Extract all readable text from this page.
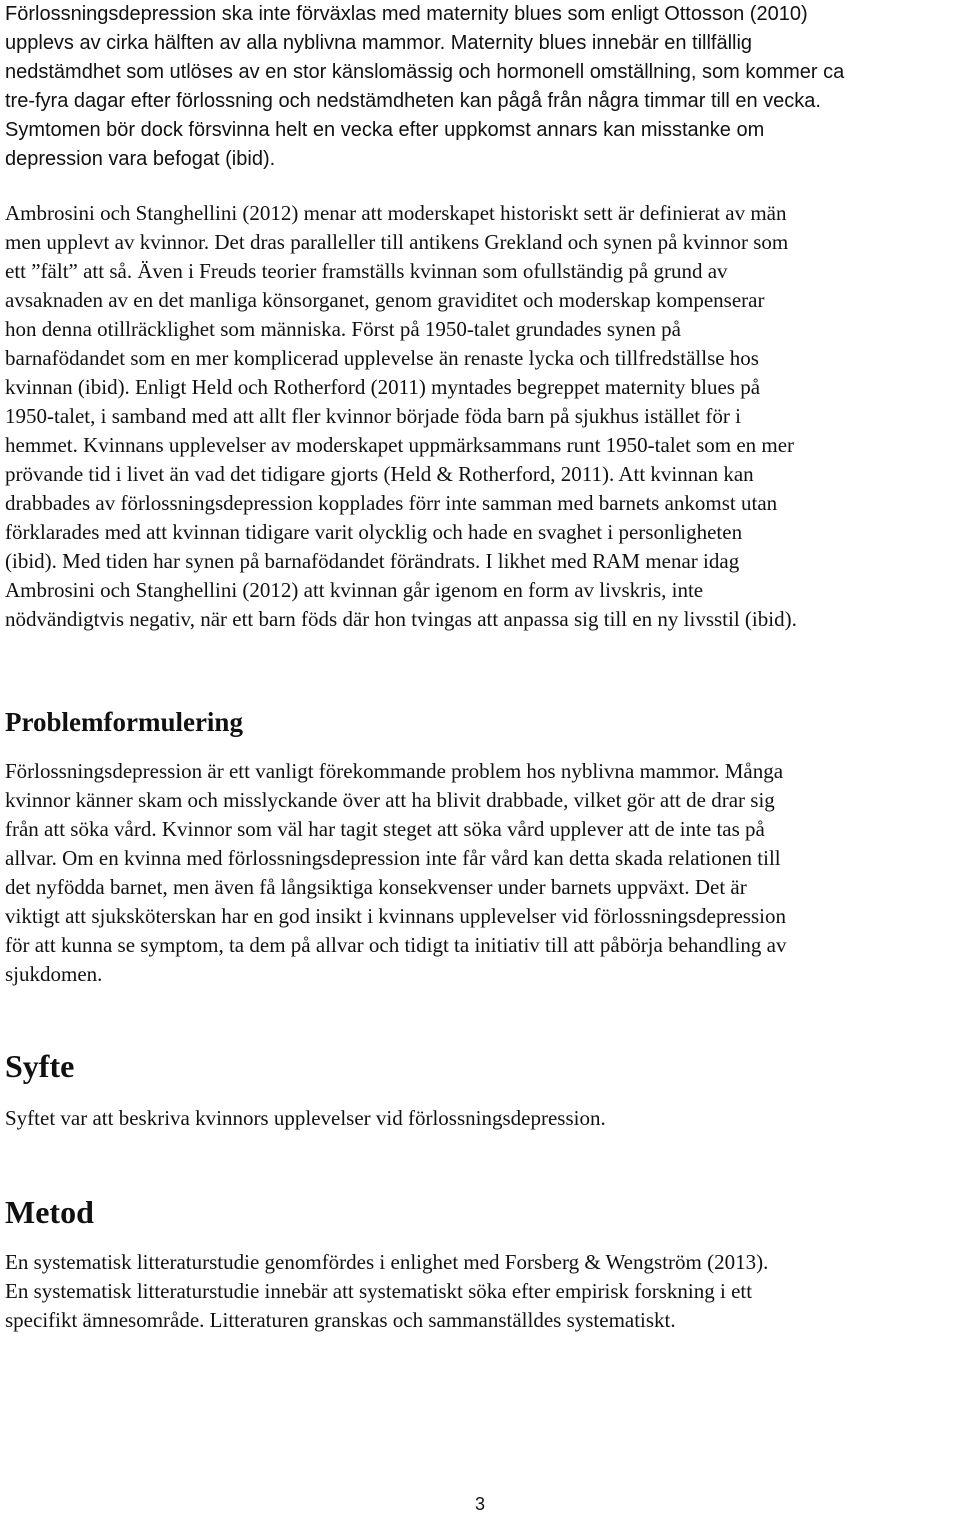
Förlossningsdepression ska inte förväxlas med maternity blues som enligt Ottosson (2010)
upplevs av cirka hälften av alla nyblivna mammor. Maternity blues innebär en tillfällig
nedstämdhet som utlöses av en stor känslomässig och hormonell omställning, som kommer ca
tre-fyra dagar efter förlossning och nedstämdheten kan pågå från några timmar till en vecka.
Symtomen bör dock försvinna helt en vecka efter uppkomst annars kan misstanke om
depression vara befogat (ibid).

Ambrosini och Stanghellini (2012) menar att moderskapet historiskt sett är definierat av män
men upplevt av kvinnor. Det dras paralleller till antikens Grekland och synen på kvinnor som
ett ”fält” att så. Även i Freuds teorier framställs kvinnan som ofullständig på grund av
avsaknaden av en det manliga könsorganet, genom graviditet och moderskap kompenserar
hon denna otillräcklighet som människa. Först på 1950-talet grundades synen på
barnafödandet som en mer komplicerad upplevelse än renaste lycka och tillfredställse hos
kvinnan (ibid). Enligt Held och Rotherford (2011) myntades begreppet maternity blues på
1950-talet, i samband med att allt fler kvinnor började föda barn på sjukhus istället för i
hemmet. Kvinnans upplevelser av moderskapet uppmärksammans runt 1950-talet som en mer
prövande tid i livet än vad det tidigare gjorts (Held & Rotherford, 2011). Att kvinnan kan
drabbades av förlossningsdepression kopplades förr inte samman med barnets ankomst utan
förklarades med att kvinnan tidigare varit olycklig och hade en svaghet i personligheten
(ibid). Med tiden har synen på barnafödandet förändrats. I likhet med RAM menar idag
Ambrosini och Stanghellini (2012) att kvinnan går igenom en form av livskris, inte
nödvändigtvis negativ, när ett barn föds där hon tvingas att anpassa sig till en ny livsstil (ibid).

Problemformulering

Förlossningsdepression är ett vanligt förekommande problem hos nyblivna mammor. Många
kvinnor känner skam och misslyckande över att ha blivit drabbade, vilket gör att de drar sig
från att söka vård. Kvinnor som väl har tagit steget att söka vård upplever att de inte tas på
allvar. Om en kvinna med förlossningsdepression inte får vård kan detta skada relationen till
det nyfödda barnet, men även få långsiktiga konsekvenser under barnets uppväxt. Det är
viktigt att sjuksköterskan har en god insikt i kvinnans upplevelser vid förlossningsdepression
för att kunna se symptom, ta dem på allvar och tidigt ta initiativ till att påbörja behandling av
sjukdomen.

Syfte

Syftet var att beskriva kvinnors upplevelser vid förlossningsdepression.

Metod

En systematisk litteraturstudie genomfördes i enlighet med Forsberg & Wengström (2013).
En systematisk litteraturstudie innebär att systematiskt söka efter empirisk forskning i ett
specifikt ämnesområde. Litteraturen granskas och sammanställdes systematiskt.

3
